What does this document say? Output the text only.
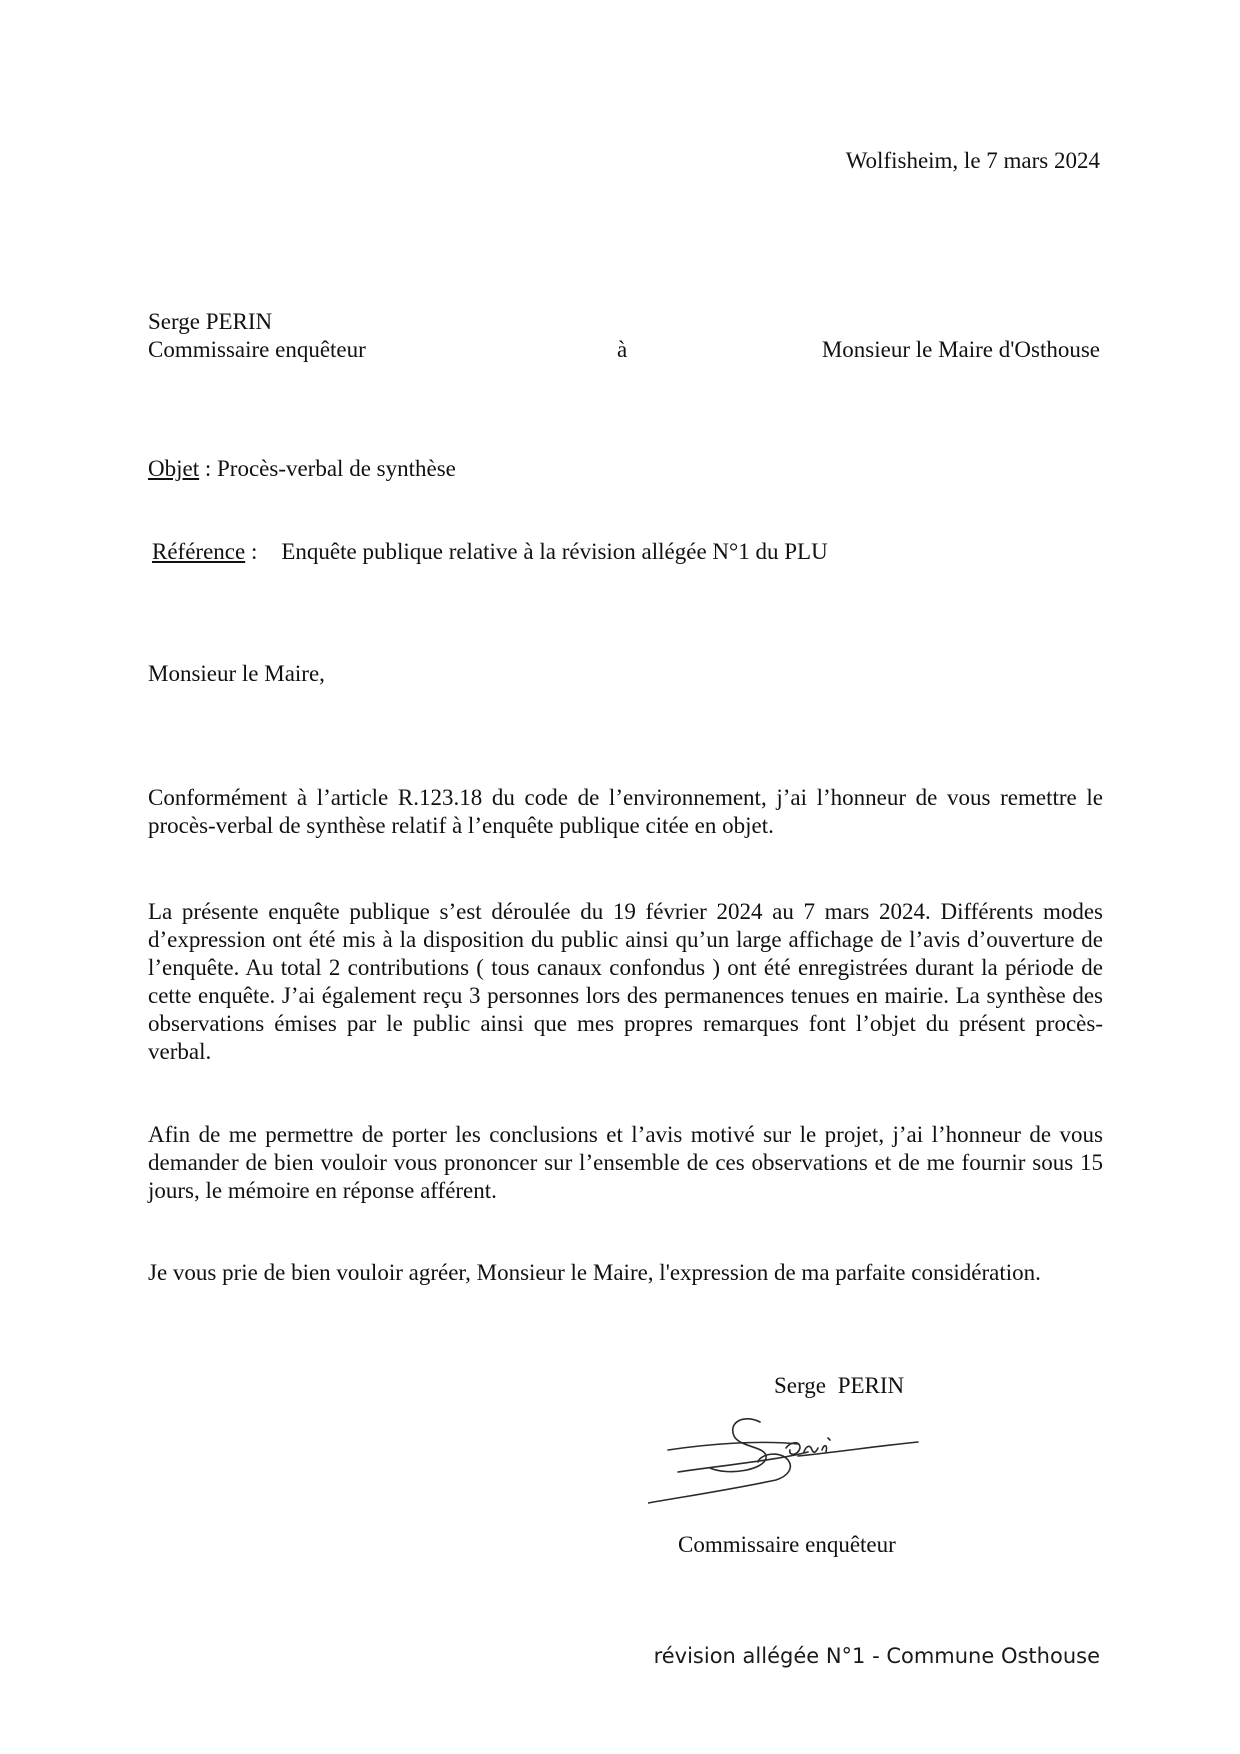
Wolfisheim, le 7 mars 2024
Serge PERIN
Commissaire enquêteur	à	Monsieur le Maire d'Osthouse
Objet : Procès-verbal de synthèse
Référence : Enquête publique relative à la révision allégée N°1 du PLU
Monsieur le Maire,
Conformément à l’article R.123.18 du code de l’environnement, j’ai l’honneur de vous remettre le procès-verbal de synthèse relatif à l’enquête publique citée en objet.
La présente enquête publique s’est déroulée du 19 février 2024 au 7 mars 2024. Différents modes d’expression ont été mis à la disposition du public ainsi qu’un large affichage de l’avis d’ouverture de l’enquête. Au total 2 contributions ( tous canaux confondus ) ont été enregistrées durant la période de cette enquête. J’ai également reçu 3 personnes lors des permanences tenues en mairie. La synthèse des observations émises par le public ainsi que mes propres remarques font l’objet du présent procès-verbal.
Afin de me permettre de porter les conclusions et l’avis motivé sur le projet, j’ai l’honneur de vous demander de bien vouloir vous prononcer sur l’ensemble de ces observations et de me fournir sous 15 jours, le mémoire en réponse afférent.
Je vous prie de bien vouloir agréer, Monsieur le Maire, l'expression de ma parfaite considération.
Serge PERIN
Commissaire enquêteur
révision allégée N°1 - Commune Osthouse
